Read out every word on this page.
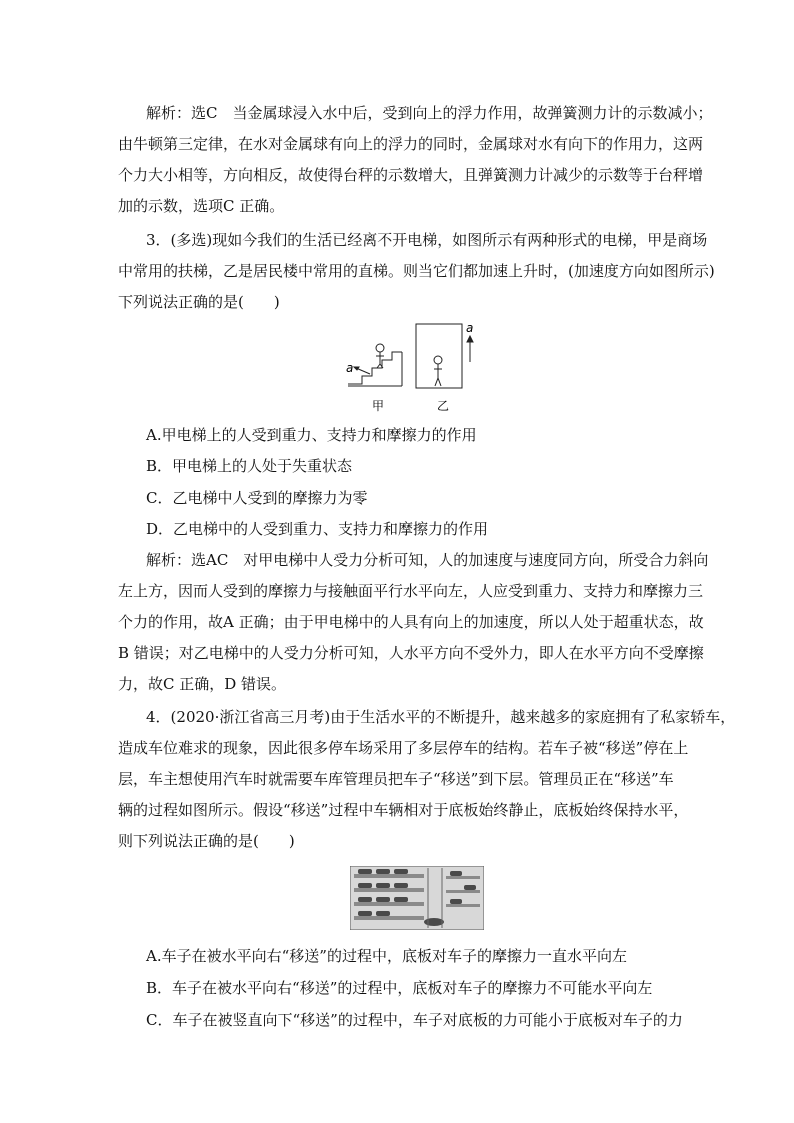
解析：选C　当金属球浸入水中后，受到向上的浮力作用，故弹簧测力计的示数减小；
由牛顿第三定律，在水对金属球有向上的浮力的同时，金属球对水有向下的作用力，这两
个力大小相等，方向相反，故使得台秤的示数增大，且弹簧测力计减少的示数等于台秤增
加的示数，选项C 正确。
3．(多选)现如今我们的生活已经离不开电梯，如图所示有两种形式的电梯，甲是商场
中常用的扶梯，乙是居民楼中常用的直梯。则当它们都加速上升时，(加速度方向如图所示)
下列说法正确的是(　　)
a
a
甲	乙
A.甲电梯上的人受到重力、支持力和摩擦力的作用
B．甲电梯上的人处于失重状态
C．乙电梯中人受到的摩擦力为零
D．乙电梯中的人受到重力、支持力和摩擦力的作用
解析：选AC　对甲电梯中人受力分析可知，人的加速度与速度同方向，所受合力斜向
左上方，因而人受到的摩擦力与接触面平行水平向左，人应受到重力、支持力和摩擦力三
个力的作用，故A 正确；由于甲电梯中的人具有向上的加速度，所以人处于超重状态，故
B 错误；对乙电梯中的人受力分析可知，人水平方向不受外力，即人在水平方向不受摩擦
力，故C 正确，D 错误。
4．(2020·浙江省高三月考)由于生活水平的不断提升，越来越多的家庭拥有了私家轿车，
造成车位难求的现象，因此很多停车场采用了多层停车的结构。若车子被“移送”停在上
层，车主想使用汽车时就需要车库管理员把车子“移送”到下层。管理员正在“移送”车
辆的过程如图所示。假设“移送”过程中车辆相对于底板始终静止，底板始终保持水平，
则下列说法正确的是(　　)
A.车子在被水平向右“移送”的过程中，底板对车子的摩擦力一直水平向左
B．车子在被水平向右“移送”的过程中，底板对车子的摩擦力不可能水平向左
C．车子在被竖直向下“移送”的过程中，车子对底板的力可能小于底板对车子的力
